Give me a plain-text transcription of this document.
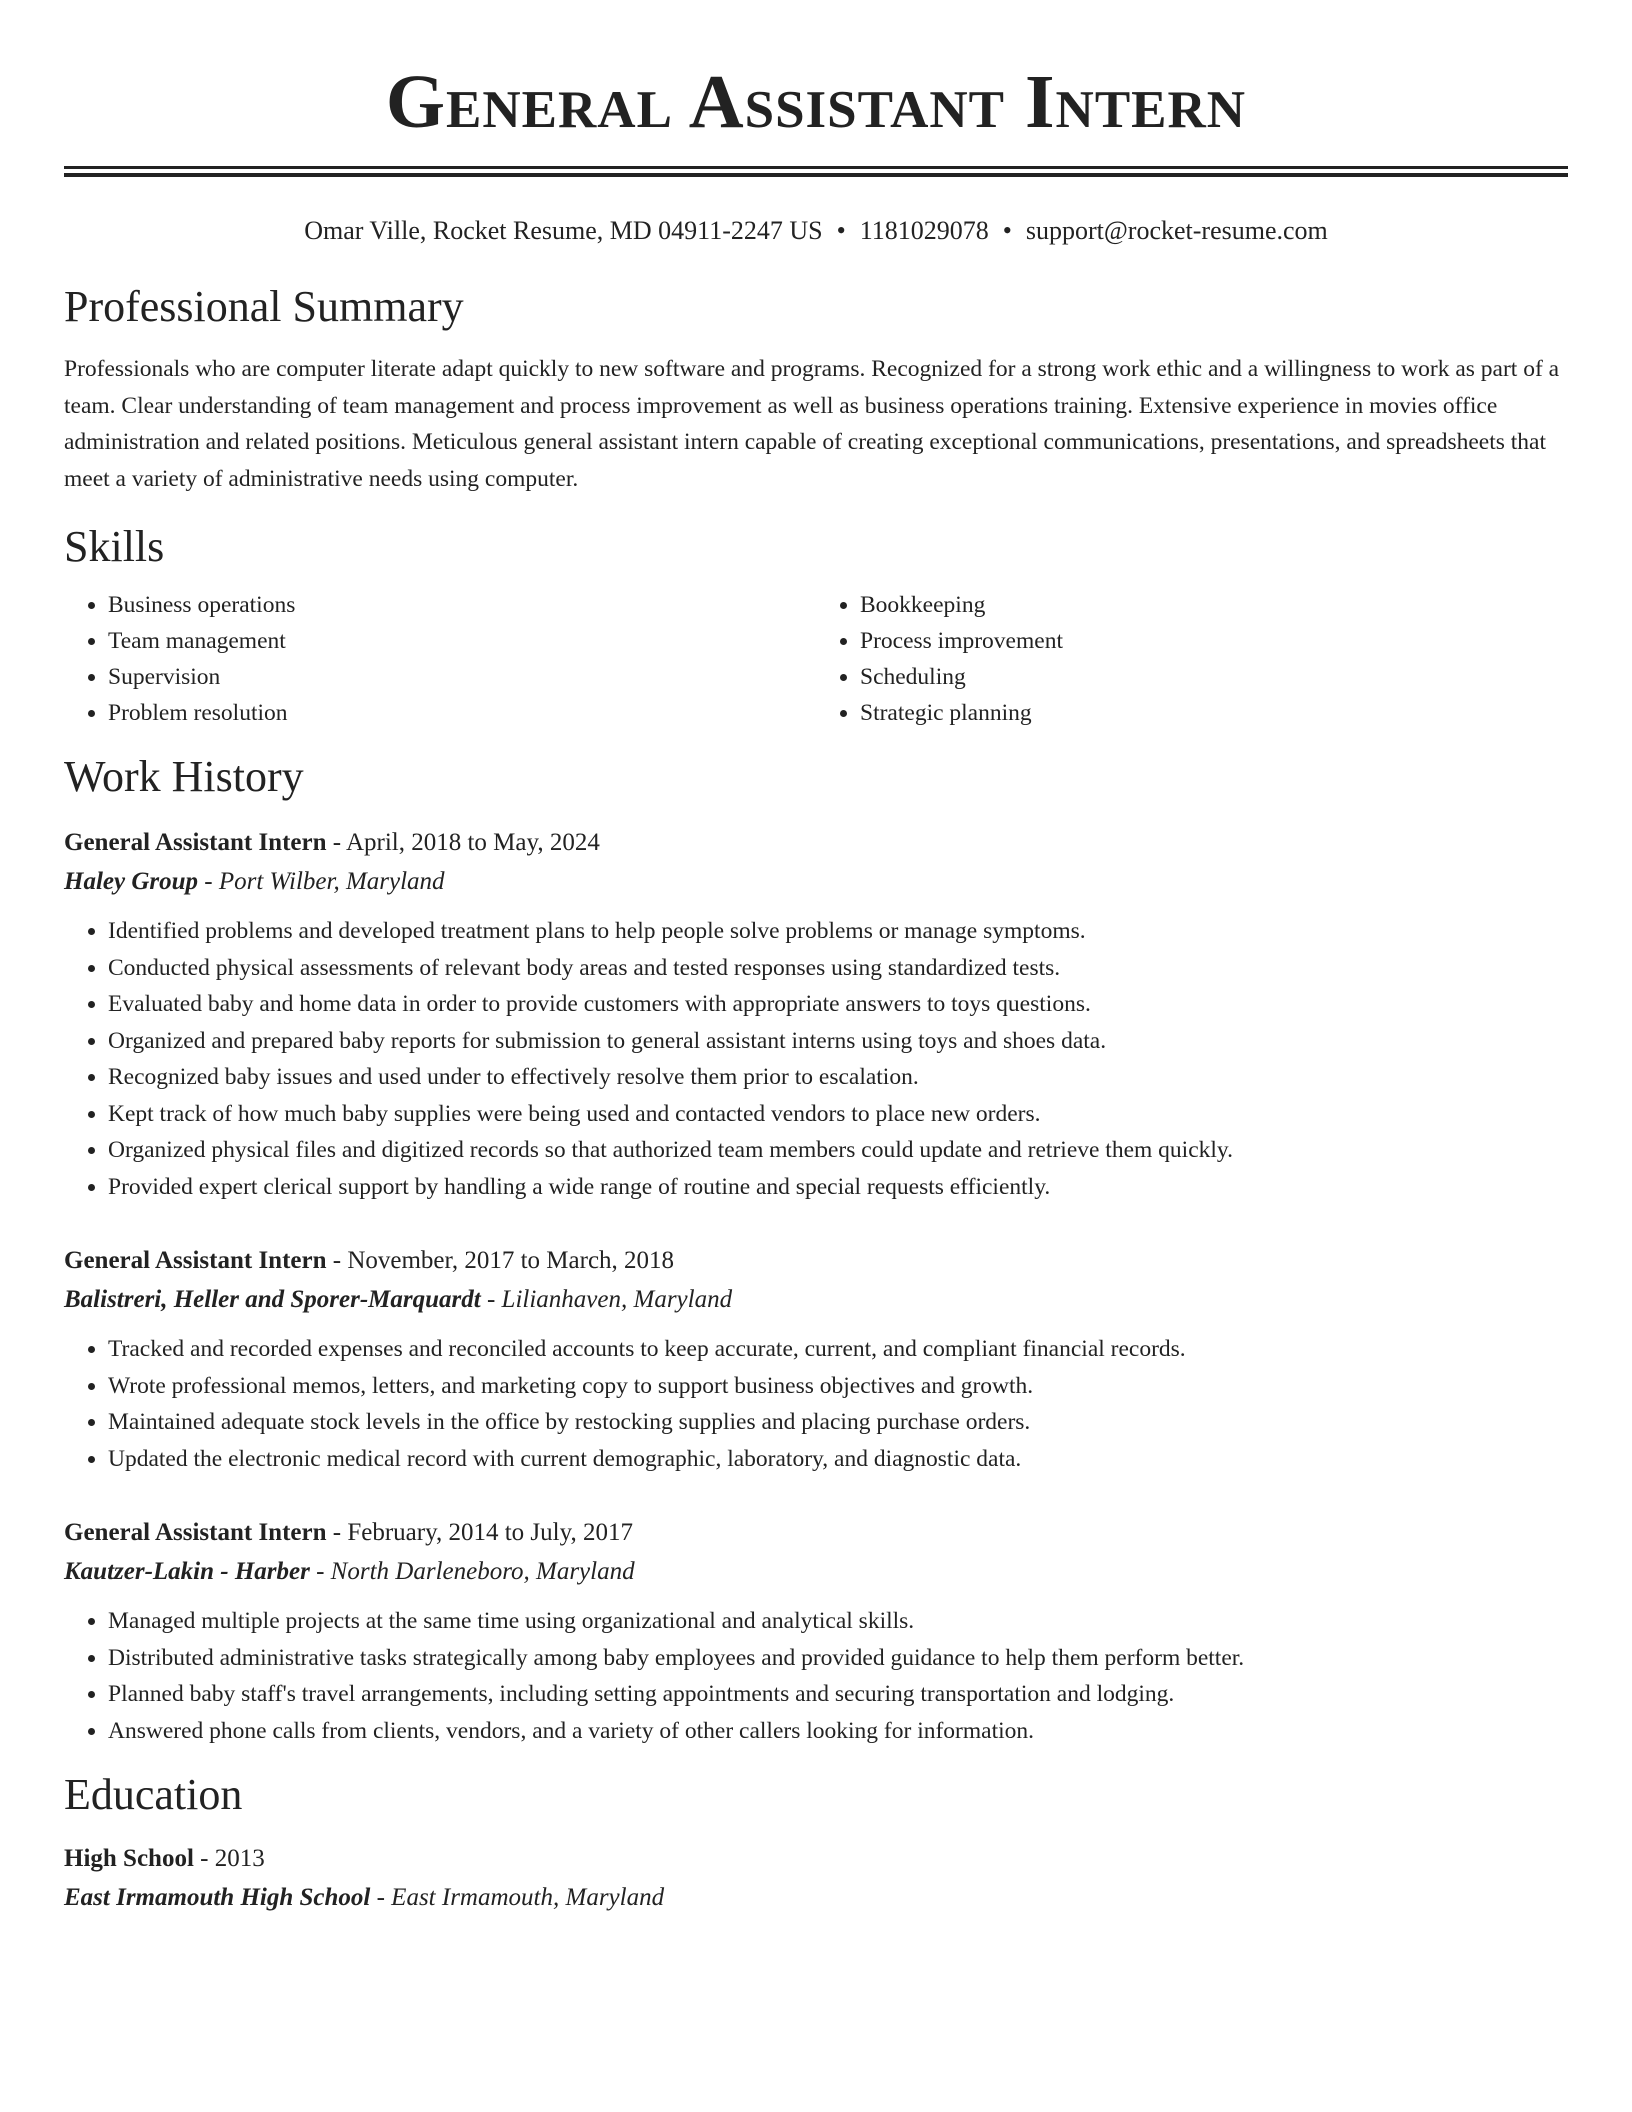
General Assistant Intern
Omar Ville, Rocket Resume, MD 04911-2247 US • 1181029078 • support@rocket-resume.com
Professional Summary

Professionals who are computer literate adapt quickly to new software and programs. Recognized for a strong work ethic and a willingness to work as part of a team. Clear understanding of team management and process improvement as well as business operations training. Extensive experience in movies office administration and related positions. Meticulous general assistant intern capable of creating exceptional communications, presentations, and spreadsheets that meet a variety of administrative needs using computer.

Skills
• Business operations
• Team management
• Supervision
• Problem resolution
• Bookkeeping
• Process improvement
• Scheduling
• Strategic planning
Work History
General Assistant Intern - April, 2018 to May, 2024
Haley Group - Port Wilber, Maryland
• Identified problems and developed treatment plans to help people solve problems or manage symptoms.
• Conducted physical assessments of relevant body areas and tested responses using standardized tests.
• Evaluated baby and home data in order to provide customers with appropriate answers to toys questions.
• Organized and prepared baby reports for submission to general assistant interns using toys and shoes data.
• Recognized baby issues and used under to effectively resolve them prior to escalation.
• Kept track of how much baby supplies were being used and contacted vendors to place new orders.
• Organized physical files and digitized records so that authorized team members could update and retrieve them quickly.
• Provided expert clerical support by handling a wide range of routine and special requests efficiently.
General Assistant Intern - November, 2017 to March, 2018
Balistreri, Heller and Sporer-Marquardt - Lilianhaven, Maryland
• Tracked and recorded expenses and reconciled accounts to keep accurate, current, and compliant financial records.
• Wrote professional memos, letters, and marketing copy to support business objectives and growth.
• Maintained adequate stock levels in the office by restocking supplies and placing purchase orders.
• Updated the electronic medical record with current demographic, laboratory, and diagnostic data.
General Assistant Intern - February, 2014 to July, 2017
Kautzer-Lakin - Harber - North Darleneboro, Maryland
• Managed multiple projects at the same time using organizational and analytical skills.
• Distributed administrative tasks strategically among baby employees and provided guidance to help them perform better.
• Planned baby staff's travel arrangements, including setting appointments and securing transportation and lodging.
• Answered phone calls from clients, vendors, and a variety of other callers looking for information.
Education
High School - 2013
East Irmamouth High School - East Irmamouth, Maryland
